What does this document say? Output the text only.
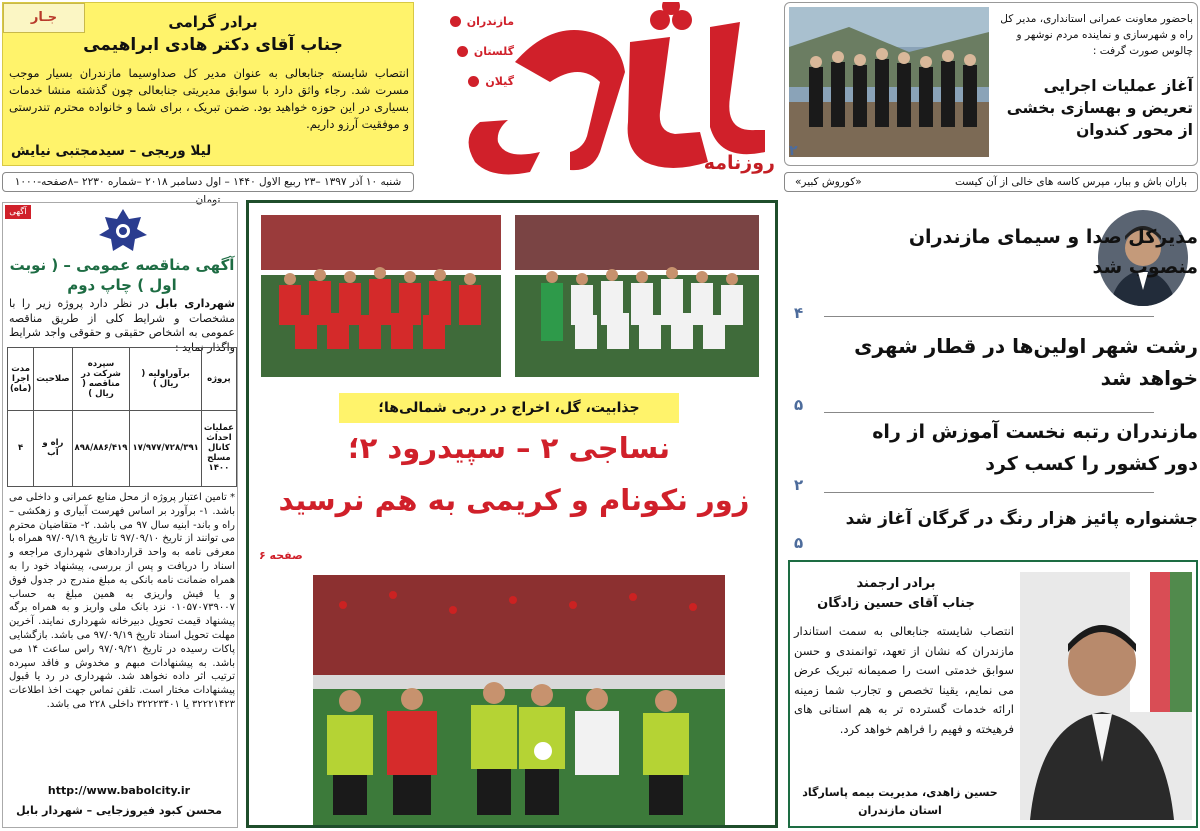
جـار	برادر گرامی
جناب آقای دکتر هادی ابراهیمی
انتصاب شایسته جنابعالی به عنوان مدیر کل صداوسیما مازندران بسیار موجب مسرت شد. رجاء واثق دارد با سوابق مدیریتی جنابعالی چون گذشته منشا خدمات بسیاری در این حوزه خواهید بود. ضمن تبریک ، برای شما و خانواده محترم تندرستی و موفقیت آرزو داریم.
لیلا وریجی – سیدمجتبی نیایش
مازندران
گلستان
گیلان
روزنامه
باحضور معاونت عمرانی استانداری، مدیر کل راه و شهرسازی و نماینده مردم نوشهر و چالوس صورت گرفت :
آغاز عملیات اجرایی تعریض و بهسازی بخشی از محور کندوان
۲
شنبه ۱۰ آذر ۱۳۹۷ –۲۳ ربیع الاول ۱۴۴۰ – اول دسامبر ۲۰۱۸ –شماره ۲۲۳۰ –۸صفحه-۱۰۰۰ تومان
باران باش و ببار، مپرس کاسه های خالی از آن کیست
«کوروش کبیر»
آگهی
آگهی مناقصه عمومی – ( نوبت اول ) چاپ دوم
شهرداری بابل در نظر دارد پروژه زیر را با مشخصات و شرایط کلی از طریق مناقصه عمومی به اشخاص حقیقی و حقوقی واجد شرایط واگذار نماید :
پروژه	برآوراولیه ( ریال )	سپرده شرکت در مناقصه ( ریال )	صلاحیت	مدت اجرا (ماه)
عملیات احداث کانال مسلح ۱۴۰۰	۱۷/۹۷۷/۷۲۸/۳۹۱	۸۹۸/۸۸۶/۴۱۹	راه و آب	۴
* تامین اعتبار پروژه از محل منابع عمرانی و داخلی می باشد. ۱- برآورد بر اساس فهرست آبیاری و زهکشی –راه و باند- ابنیه سال ۹۷ می باشد. ۲- متقاضیان محترم می توانند از تاریخ ۹۷/۰۹/۱۰ تا تاریخ ۹۷/۰۹/۱۹ همراه با معرفی نامه به واحد قراردادهای شهرداری مراجعه و اسناد را دریافت و پس از بررسی، پیشنهاد خود را به همراه ضمانت نامه بانکی به مبلغ مندرج در جدول فوق و یا فیش واریزی به همین مبلغ به حساب ۰۱۰۵۷۰۷۳۹۰۰۷ نزد بانک ملی واریز و به همراه برگه پیشنهاد قیمت تحویل دبیرخانه شهرداری نمایند. آخرین مهلت تحویل اسناد تاریخ ۹۷/۰۹/۱۹ می باشد. بازگشایی پاکات رسیده در تاریخ ۹۷/۰۹/۲۱ راس ساعت ۱۴ می باشد. به پیشنهادات مبهم و مخدوش و فاقد سپرده ترتیب اثر داده نخواهد شد. شهرداری در رد یا قبول پیشنهادات مختار است. تلفن تماس جهت اخذ اطلاعات ۳۲۲۲۱۴۲۳ یا ۳۲۲۲۳۴۰۱ داخلی ۲۲۸ می باشد.
http://www.babolcity.ir
محسن کبود فیروزجایی – شهردار بابل
جذابیت، گل، اخراج در دربی شمالی‌ها؛
نساجی ۲ – سپیدرود ۲؛
زور نکونام و کریمی به هم نرسید
صفحه ۶
مدیرکل صدا و سیمای مازندران منصوب شد
۴
رشت شهر اولین‌ها در قطار شهری خواهد شد
۵
مازندران رتبه نخست آموزش از راه دور کشور را کسب کرد
۲
جشنواره پائیز هزار رنگ در گرگان آغاز شد
۵
برادر ارجمند
جناب آقای حسین زادگان
انتصاب شایسته جنابعالی به سمت استاندار مازندران که نشان از تعهد، توانمندی و حسن سوابق خدمتی است را صمیمانه تبریک عرض می نمایم، یقینا تخصص و تجارب شما زمینه ارائه خدمات گسترده تر به هم استانی های فرهیخته و فهیم را فراهم خواهد کرد.
حسین زاهدی، مدیریت بیمه پاسارگاد
استان مازندران
